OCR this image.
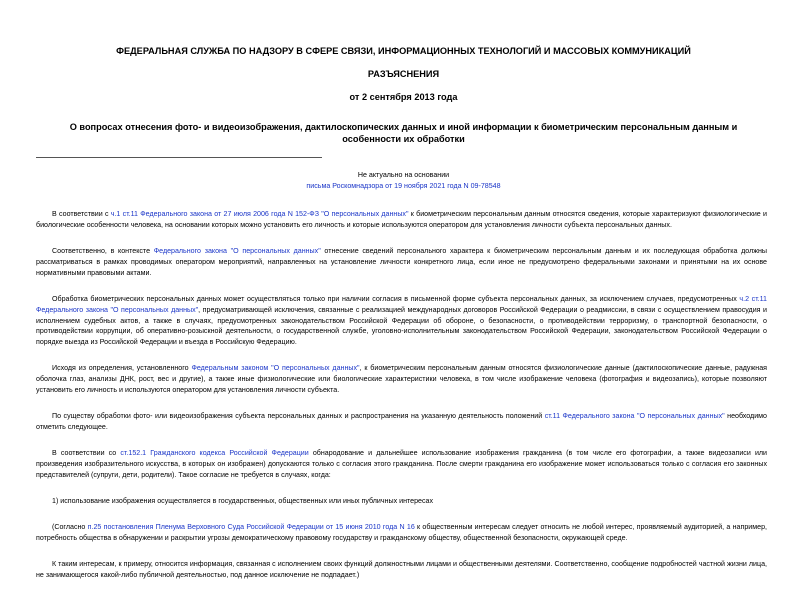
ФЕДЕРАЛЬНАЯ СЛУЖБА ПО НАДЗОРУ В СФЕРЕ СВЯЗИ, ИНФОРМАЦИОННЫХ ТЕХНОЛОГИЙ И МАССОВЫХ КОММУНИКАЦИЙ
РАЗЪЯСНЕНИЯ
от 2 сентября 2013 года
О вопросах отнесения фото- и видеоизображения, дактилоскопических данных и иной информации к биометрическим персональным данным и особенности их обработки
Не актуально на основании
письма Роскомнадзора от 19 ноября 2021 года N 09-78548

В соответствии с ч.1 ст.11 Федерального закона от 27 июля 2006 года N 152-ФЗ "О персональных данных" к биометрическим персональным данным относятся сведения, которые характеризуют физиологические и биологические особенности человека, на основании которых можно установить его личность и которые используются оператором для установления личности субъекта персональных данных.

Соответственно, в контексте Федерального закона "О персональных данных" отнесение сведений персонального характера к биометрическим персональным данным и их последующая обработка должны рассматриваться в рамках проводимых оператором мероприятий, направленных на установление личности конкретного лица, если иное не предусмотрено федеральными законами и принятыми на их основе нормативными правовыми актами.

Обработка биометрических персональных данных может осуществляться только при наличии согласия в письменной форме субъекта персональных данных, за исключением случаев, предусмотренных ч.2 ст.11 Федерального закона "О персональных данных", предусматривающей исключения, связанные с реализацией международных договоров Российской Федерации о реадмиссии, в связи с осуществлением правосудия и исполнением судебных актов, а также в случаях, предусмотренных законодательством Российской Федерации об обороне, о безопасности, о противодействии терроризму, о транспортной безопасности, о противодействии коррупции, об оперативно-розыскной деятельности, о государственной службе, уголовно-исполнительным законодательством Российской Федерации, законодательством Российской Федерации о порядке выезда из Российской Федерации и въезда в Российскую Федерацию.

Исходя из определения, установленного Федеральным законом "О персональных данных", к биометрическим персональным данным относятся физиологические данные (дактилоскопические данные, радужная оболочка глаз, анализы ДНК, рост, вес и другие), а также иные физиологические или биологические характеристики человека, в том числе изображение человека (фотография и видеозапись), которые позволяют установить его личность и используются оператором для установления личности субъекта.

По существу обработки фото- или видеоизображения субъекта персональных данных и распространения на указанную деятельность положений ст.11 Федерального закона "О персональных данных" необходимо отметить следующее.

В соответствии со ст.152.1 Гражданского кодекса Российской Федерации обнародование и дальнейшее использование изображения гражданина (в том числе его фотографии, а также видеозаписи или произведения изобразительного искусства, в которых он изображен) допускаются только с согласия этого гражданина. После смерти гражданина его изображение может использоваться только с согласия его законных представителей (супруги, дети, родители). Такое согласие не требуется в случаях, когда:

1) использование изображения осуществляется в государственных, общественных или иных публичных интересах

(Согласно п.25 постановления Пленума Верховного Суда Российской Федерации от 15 июня 2010 года N 16 к общественным интересам следует относить не любой интерес, проявляемый аудиторией, а например, потребность общества в обнаружении и раскрытии угрозы демократическому правовому государству и гражданскому обществу, общественной безопасности, окружающей среде.

К таким интересам, к примеру, относится информация, связанная с исполнением своих функций должностными лицами и общественными деятелями. Соответственно, сообщение подробностей частной жизни лица, не занимающегося какой-либо публичной деятельностью, под данное исключение не подпадает.)
